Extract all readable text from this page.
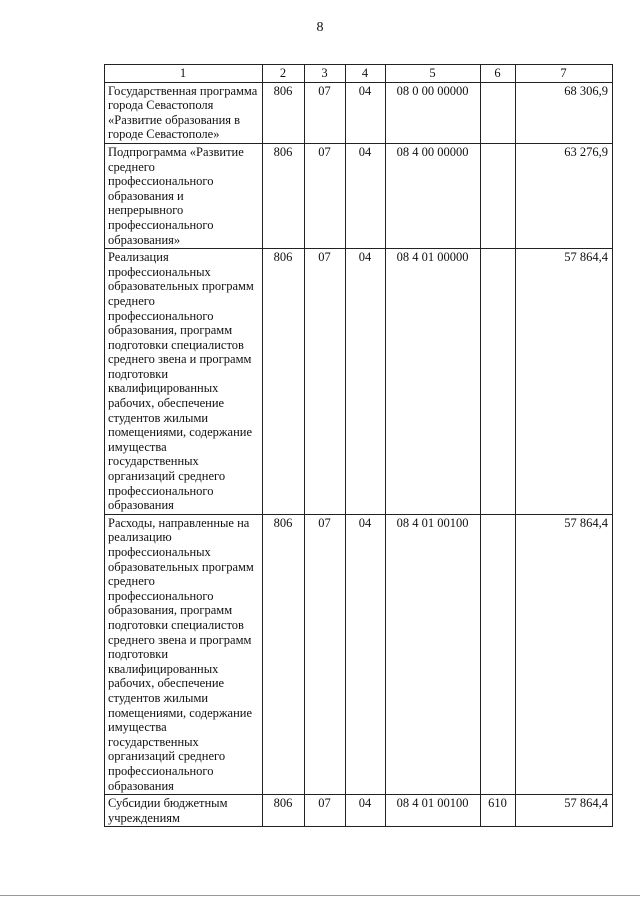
8
1	2	3	4	5	6	7
Государственная программа города Севастополя «Развитие образования в городе Севастополе»	806	07	04	08 0 00 00000		68 306,9
Подпрограмма «Развитие среднего профессионального образования и непрерывного профессионального образования»	806	07	04	08 4 00 00000		63 276,9
Реализация профессиональных образовательных программ среднего профессионального образования, программ подготовки специалистов среднего звена и программ подготовки квалифицированных рабочих, обеспечение студентов жилыми помещениями, содержание имущества государственных организаций среднего профессионального образования	806	07	04	08 4 01 00000		57 864,4
Расходы, направленные на реализацию профессиональных образовательных программ среднего профессионального образования, программ подготовки специалистов среднего звена и программ подготовки квалифицированных рабочих, обеспечение студентов жилыми помещениями, содержание имущества государственных организаций среднего профессионального образования	806	07	04	08 4 01 00100		57 864,4
Субсидии бюджетным учреждениям	806	07	04	08 4 01 00100	610	57 864,4
